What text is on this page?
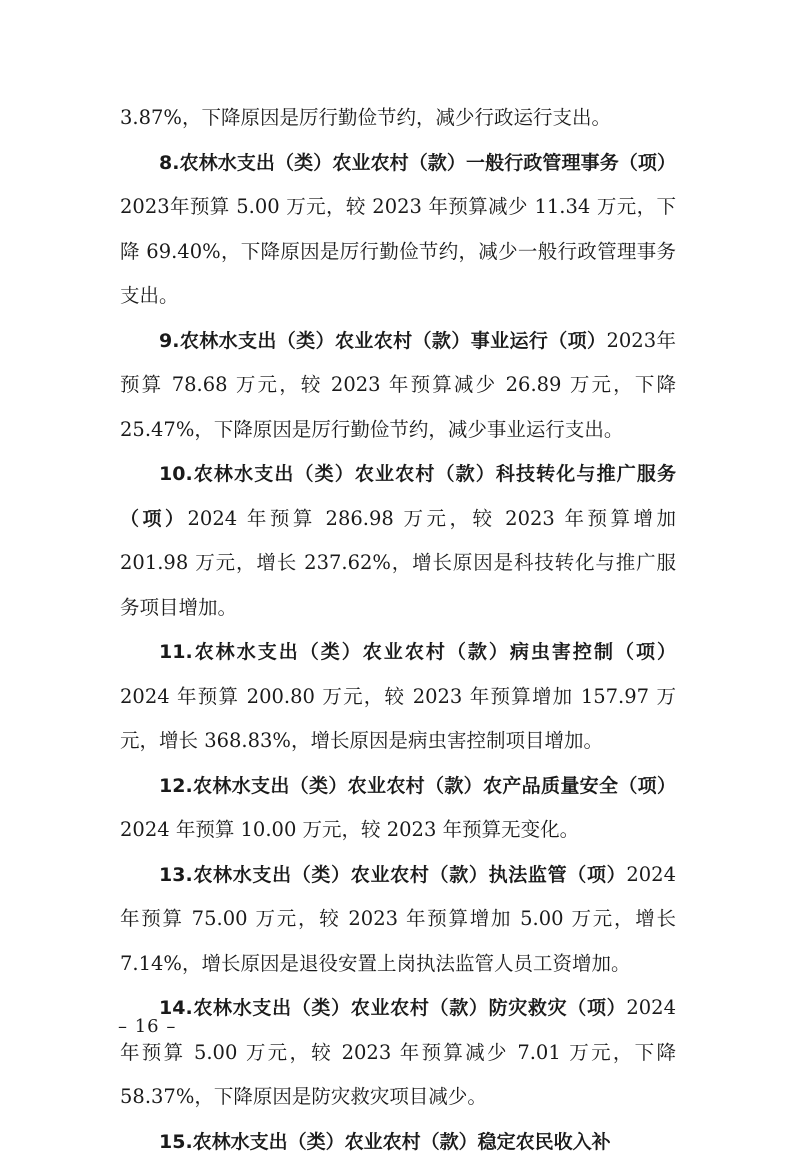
3.87%，下降原因是厉行勤俭节约，减少行政运行支出。

8.农林水支出（类）农业农村（款）一般行政管理事务（项）2023年预算 5.00 万元，较 2023 年预算减少 11.34 万元，下降 69.40%，下降原因是厉行勤俭节约，减少一般行政管理事务支出。

9.农林水支出（类）农业农村（款）事业运行（项）2023年预算 78.68 万元，较 2023 年预算减少 26.89 万元，下降 25.47%，下降原因是厉行勤俭节约，减少事业运行支出。

10.农林水支出（类）农业农村（款）科技转化与推广服务（项）2024 年预算 286.98 万元，较 2023 年预算增加 201.98 万元，增长 237.62%，增长原因是科技转化与推广服务项目增加。

11.农林水支出（类）农业农村（款）病虫害控制（项）2024 年预算 200.80 万元，较 2023 年预算增加 157.97 万元，增长 368.83%，增长原因是病虫害控制项目增加。

12.农林水支出（类）农业农村（款）农产品质量安全（项）2024 年预算 10.00 万元，较 2023 年预算无变化。

13.农林水支出（类）农业农村（款）执法监管（项）2024 年预算 75.00 万元，较 2023 年预算增加 5.00 万元，增长 7.14%，增长原因是退役安置上岗执法监管人员工资增加。

14.农林水支出（类）农业农村（款）防灾救灾（项）2024 年预算 5.00 万元，较 2023 年预算减少 7.01 万元，下降 58.37%，下降原因是防灾救灾项目减少。

15.农林水支出（类）农业农村（款）稳定农民收入补

– 16 –
